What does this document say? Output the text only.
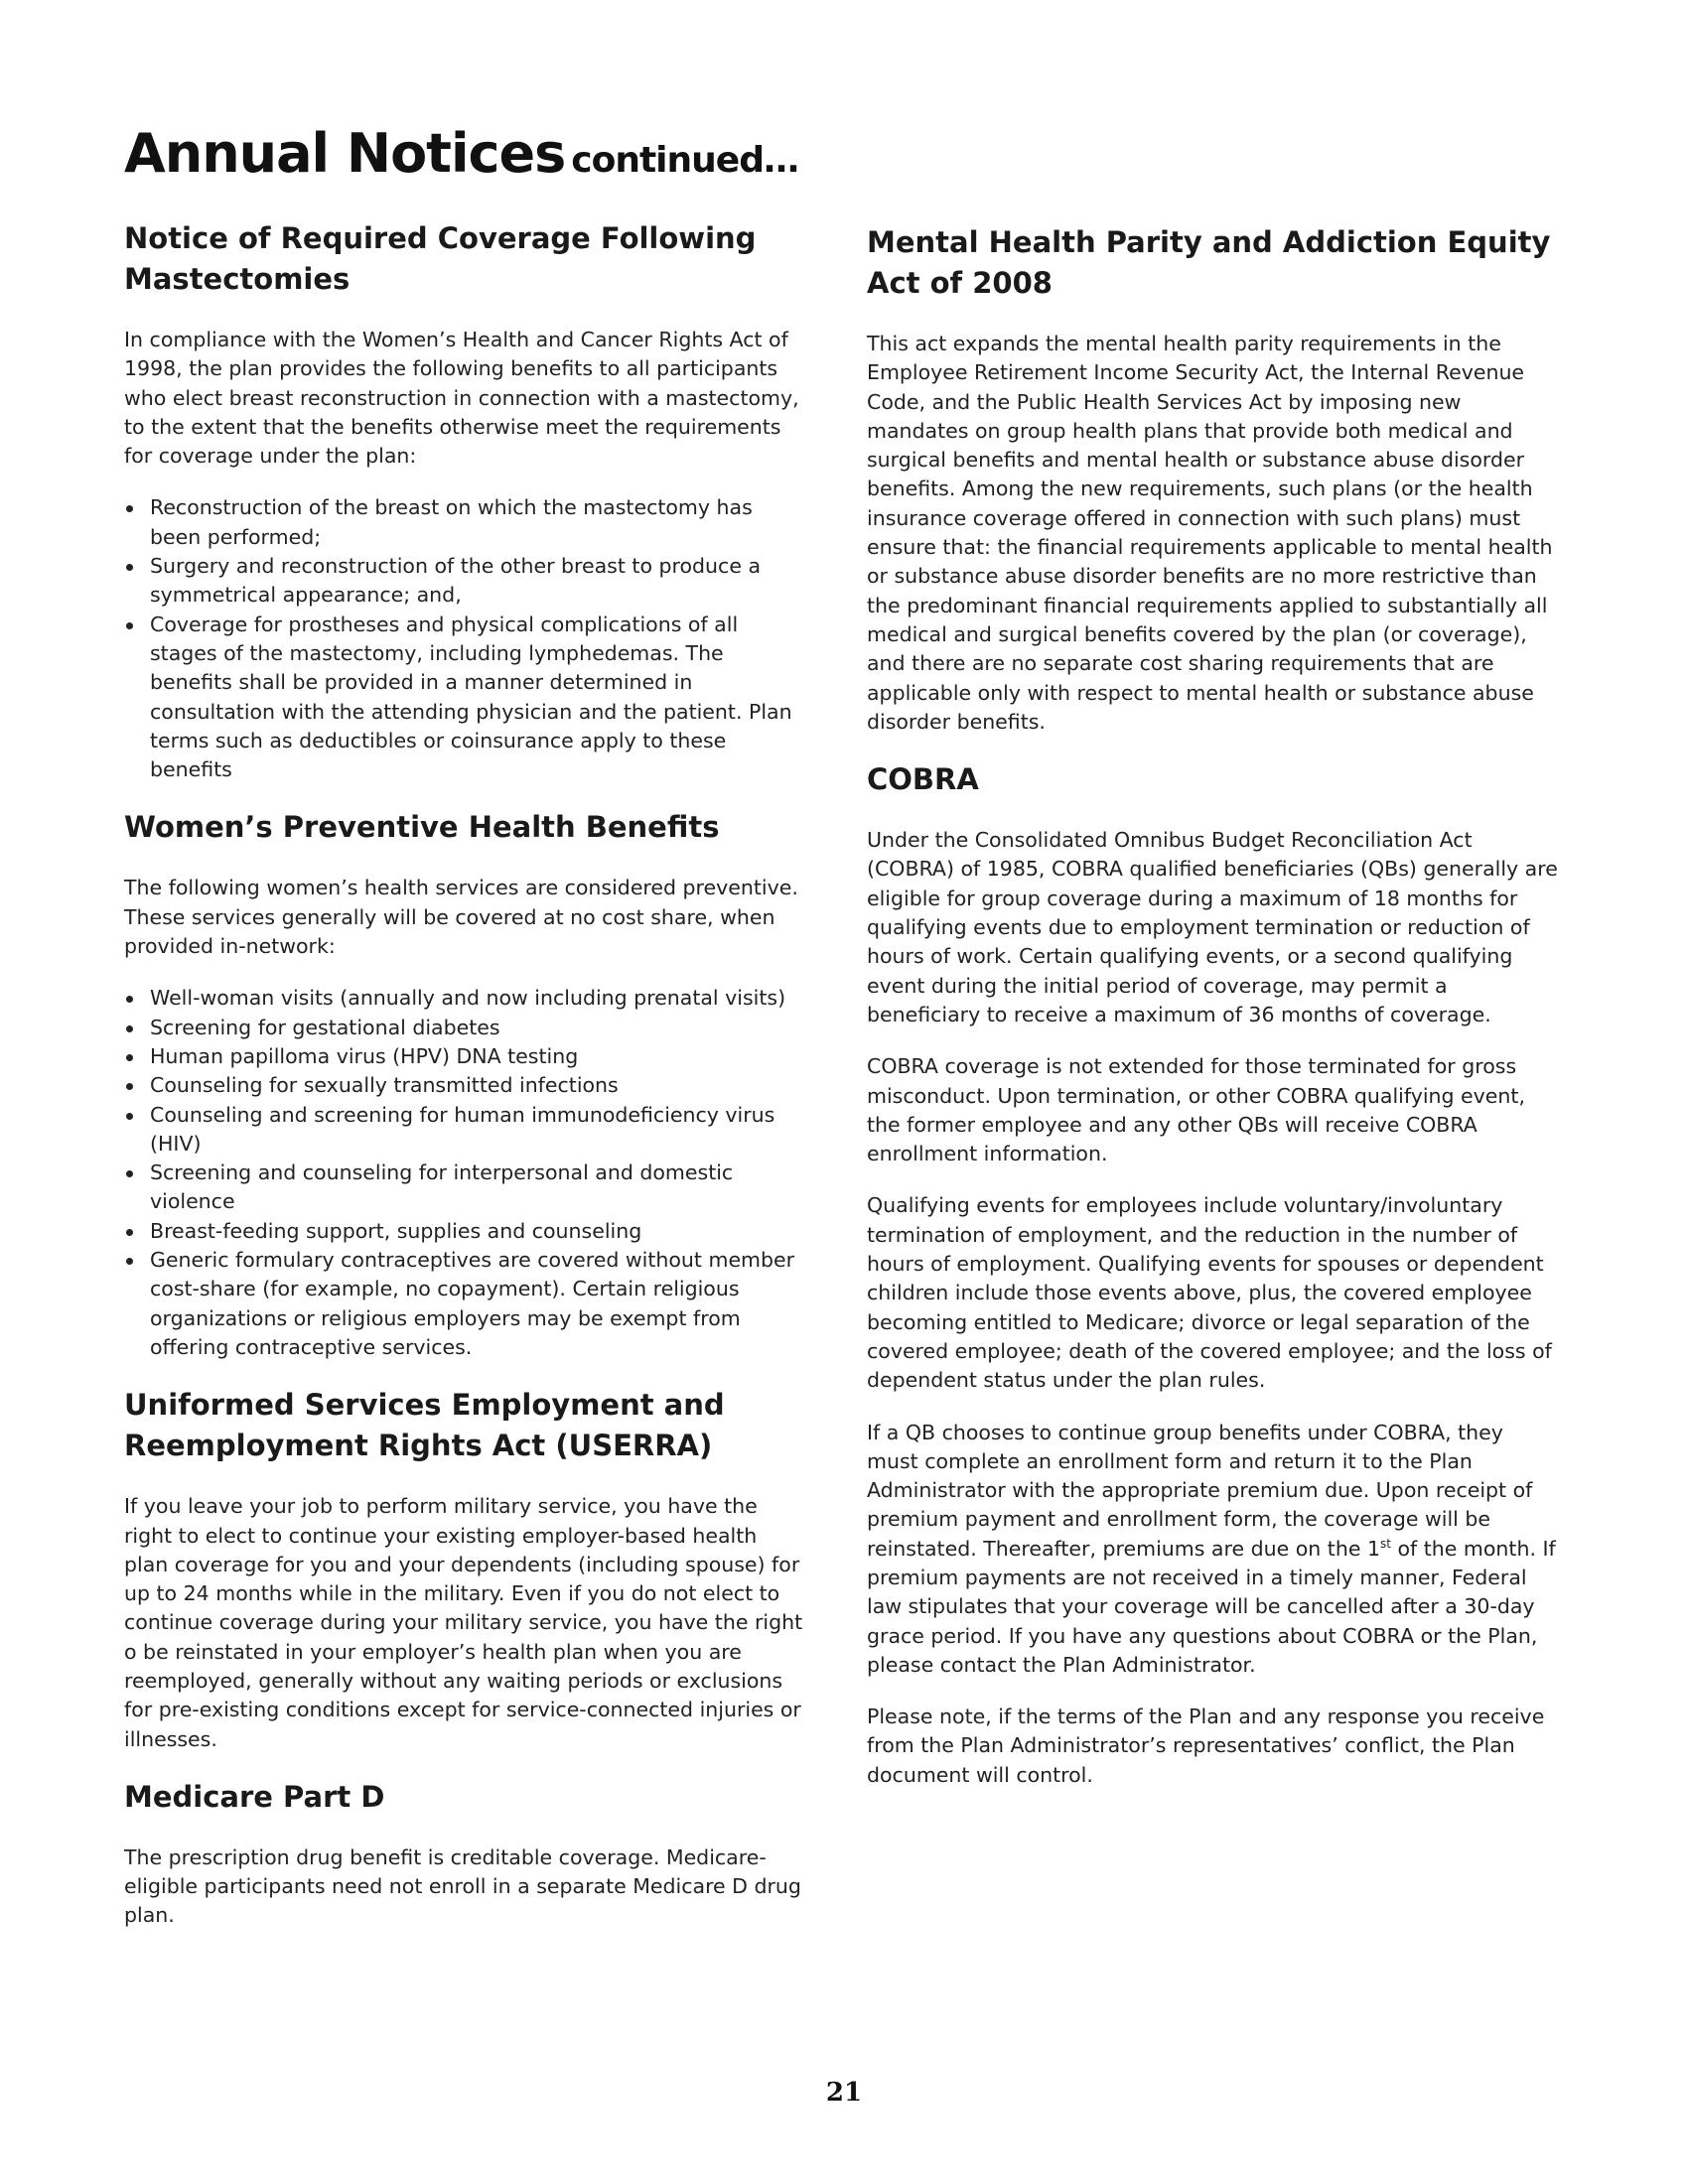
Annual Notices continued…
Notice of Required Coverage Following Mastectomies

In compliance with the Women’s Health and Cancer Rights Act of 1998, the plan provides the following benefits to all participants who elect breast reconstruction in connection with a mastectomy, to the extent that the benefits otherwise meet the requirements for coverage under the plan:

Reconstruction of the breast on which the mastectomy has been performed;
Surgery and reconstruction of the other breast to produce a symmetrical appearance; and,
Coverage for prostheses and physical complications of all stages of the mastectomy, including lymphedemas. The benefits shall be provided in a manner determined in consultation with the attending physician and the patient. Plan terms such as deductibles or coinsurance apply to these benefits
Women’s Preventive Health Benefits

The following women’s health services are considered preventive. These services generally will be covered at no cost share, when provided in-network:

Well-woman visits (annually and now including prenatal visits)
Screening for gestational diabetes
Human papilloma virus (HPV) DNA testing
Counseling for sexually transmitted infections
Counseling and screening for human immunodeficiency virus (HIV)
Screening and counseling for interpersonal and domestic violence
Breast-feeding support, supplies and counseling
Generic formulary contraceptives are covered without member cost-share (for example, no copayment). Certain religious organizations or religious employers may be exempt from offering contraceptive services.
Uniformed Services Employment and Reemployment Rights Act (USERRA)

If you leave your job to perform military service, you have the right to elect to continue your existing employer-based health plan coverage for you and your dependents (including spouse) for up to 24 months while in the military. Even if you do not elect to continue coverage during your military service, you have the right o be reinstated in your employer’s health plan when you are reemployed, generally without any waiting periods or exclusions for pre-existing conditions except for service-connected injuries or illnesses.

Medicare Part D

The prescription drug benefit is creditable coverage. Medicare-eligible participants need not enroll in a separate Medicare D drug plan.

Mental Health Parity and Addiction Equity Act of 2008

This act expands the mental health parity requirements in the Employee Retirement Income Security Act, the Internal Revenue Code, and the Public Health Services Act by imposing new mandates on group health plans that provide both medical and surgical benefits and mental health or substance abuse disorder benefits. Among the new requirements, such plans (or the health insurance coverage offered in connection with such plans) must ensure that: the financial requirements applicable to mental health or substance abuse disorder benefits are no more restrictive than the predominant financial requirements applied to substantially all medical and surgical benefits covered by the plan (or coverage), and there are no separate cost sharing requirements that are applicable only with respect to mental health or substance abuse disorder benefits.

COBRA

Under the Consolidated Omnibus Budget Reconciliation Act (COBRA) of 1985, COBRA qualified beneficiaries (QBs) generally are eligible for group coverage during a maximum of 18 months for qualifying events due to employment termination or reduction of hours of work. Certain qualifying events, or a second qualifying event during the initial period of coverage, may permit a beneficiary to receive a maximum of 36 months of coverage.

COBRA coverage is not extended for those terminated for gross misconduct. Upon termination, or other COBRA qualifying event, the former employee and any other QBs will receive COBRA enrollment information.

Qualifying events for employees include voluntary/involuntary termination of employment, and the reduction in the number of hours of employment. Qualifying events for spouses or dependent children include those events above, plus, the covered employee becoming entitled to Medicare; divorce or legal separation of the covered employee; death of the covered employee; and the loss of dependent status under the plan rules.

If a QB chooses to continue group benefits under COBRA, they must complete an enrollment form and return it to the Plan Administrator with the appropriate premium due. Upon receipt of premium payment and enrollment form, the coverage will be reinstated. Thereafter, premiums are due on the 1st of the month. If premium payments are not received in a timely manner, Federal law stipulates that your coverage will be cancelled after a 30-day grace period. If you have any questions about COBRA or the Plan, please contact the Plan Administrator.

Please note, if the terms of the Plan and any response you receive from the Plan Administrator’s representatives’ conflict, the Plan document will control.

21
